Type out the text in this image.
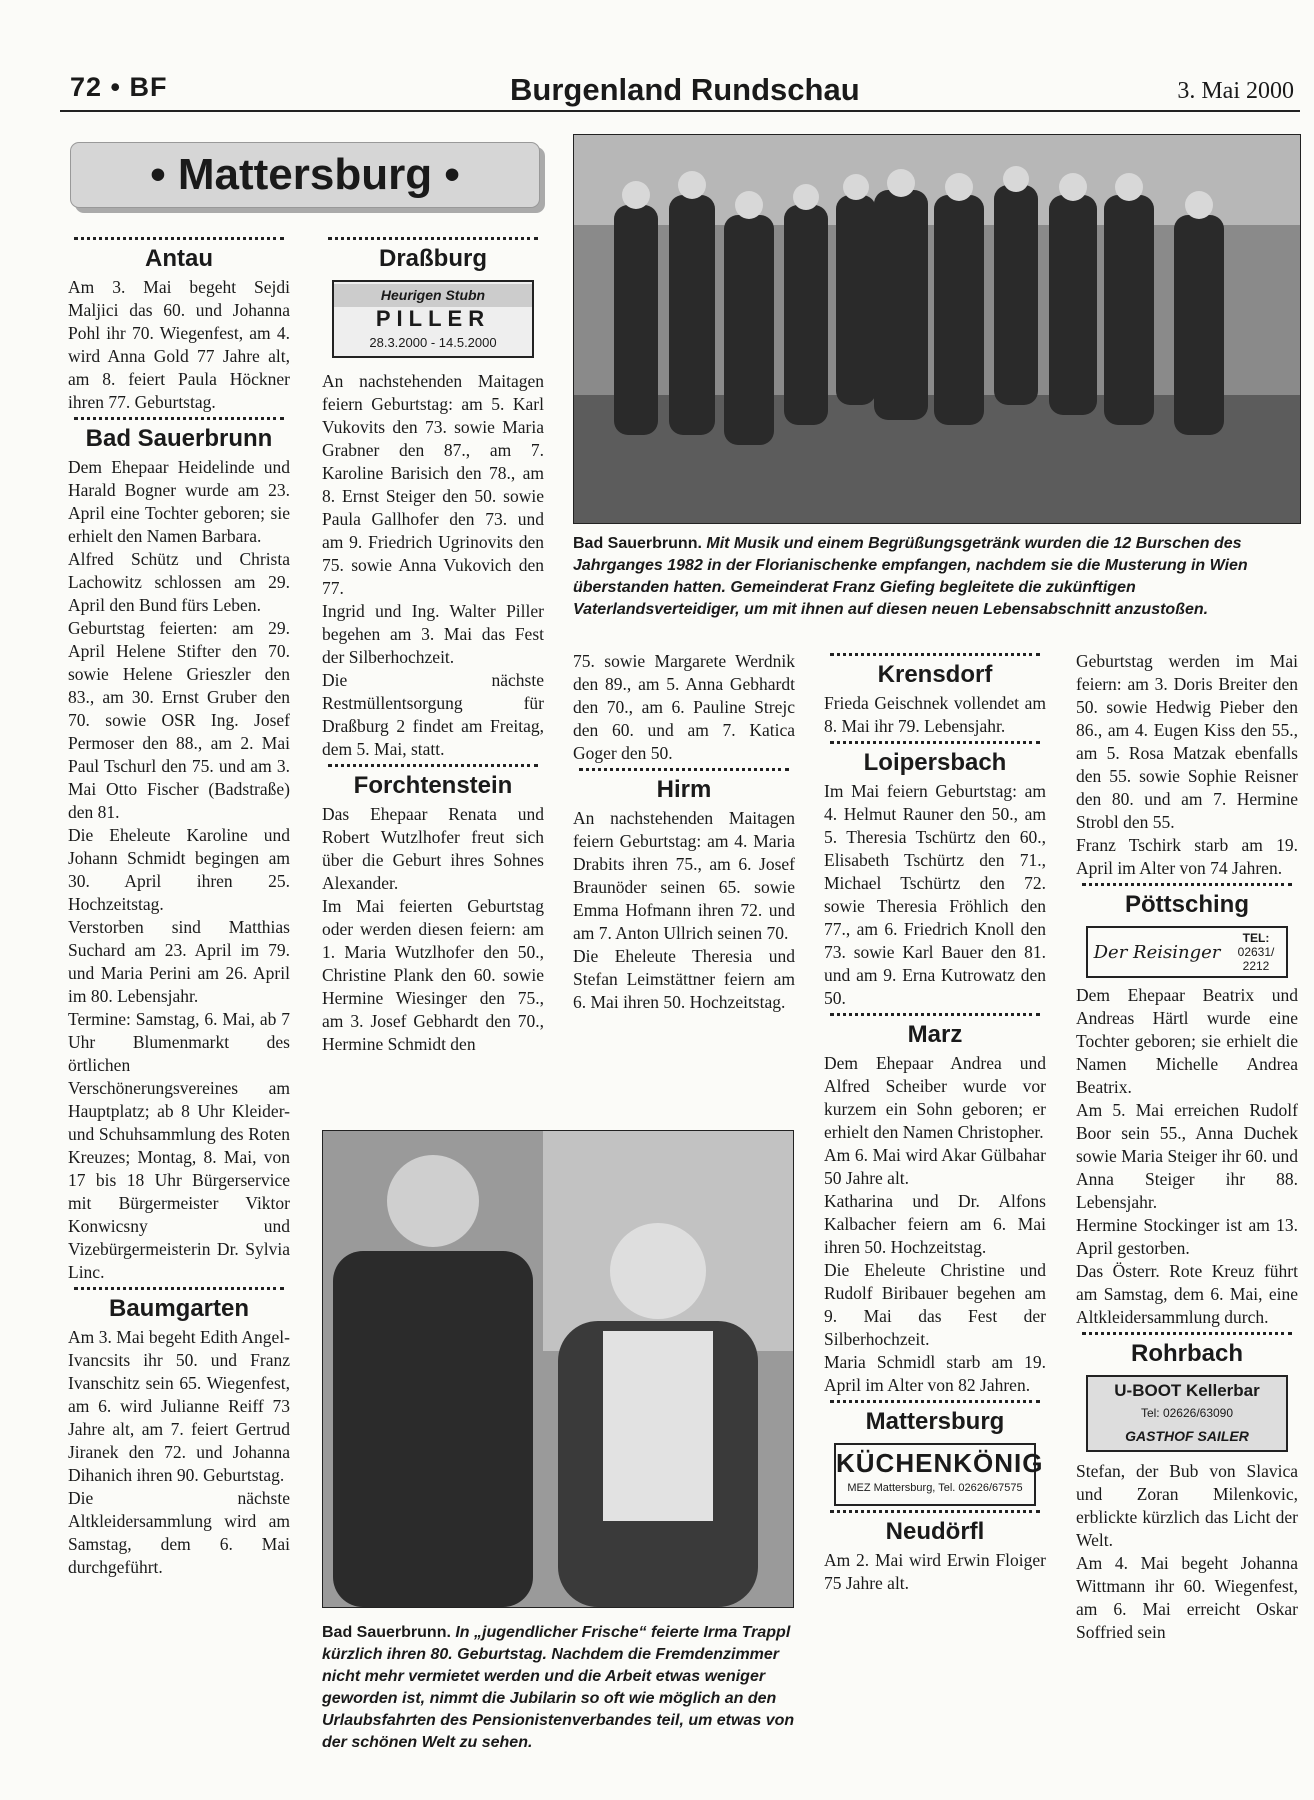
72 • BF	Burgenland Rundschau	3. Mai 2000
• Mattersburg •
Antau

Am 3. Mai begeht Sejdi Maljici das 60. und Johanna Pohl ihr 70. Wiegenfest, am 4. wird Anna Gold 77 Jahre alt, am 8. feiert Paula Höckner ihren 77. Geburtstag.

Bad Sauerbrunn

Dem Ehepaar Heidelinde und Harald Bogner wurde am 23. April eine Tochter geboren; sie erhielt den Namen Barbara.

Alfred Schütz und Christa Lachowitz schlossen am 29. April den Bund fürs Leben.

Geburtstag feierten: am 29. April Helene Stifter den 70. sowie Helene Grieszler den 83., am 30. Ernst Gruber den 70. sowie OSR Ing. Josef Permoser den 88., am 2. Mai Paul Tschurl den 75. und am 3. Mai Otto Fischer (Badstraße) den 81.

Die Eheleute Karoline und Johann Schmidt begingen am 30. April ihren 25. Hochzeitstag.

Verstorben sind Matthias Suchard am 23. April im 79. und Maria Perini am 26. April im 80. Lebensjahr.

Termine: Samstag, 6. Mai, ab 7 Uhr Blumenmarkt des örtlichen Verschönerungsvereines am Hauptplatz; ab 8 Uhr Kleider- und Schuhsammlung des Roten Kreuzes; Montag, 8. Mai, von 17 bis 18 Uhr Bürgerservice mit Bürgermeister Viktor Konwicsny und Vizebürgermeisterin Dr. Sylvia Linc.

Baumgarten

Am 3. Mai begeht Edith Angel-Ivancsits ihr 50. und Franz Ivanschitz sein 65. Wiegenfest, am 6. wird Julianne Reiff 73 Jahre alt, am 7. feiert Gertrud Jiranek den 72. und Johanna Dihanich ihren 90. Geburtstag.

Die nächste Altkleidersammlung wird am Samstag, dem 6. Mai durchgeführt.

Draßburg
Heurigen Stubn
PILLER
28.3.2000 - 14.5.2000

An nachstehenden Maitagen feiern Geburtstag: am 5. Karl Vukovits den 73. sowie Maria Grabner den 87., am 7. Karoline Barisich den 78., am 8. Ernst Steiger den 50. sowie Paula Gallhofer den 73. und am 9. Friedrich Ugrinovits den 75. sowie Anna Vukovich den 77.

Ingrid und Ing. Walter Piller begehen am 3. Mai das Fest der Silberhochzeit.

Die nächste Restmüllentsorgung für Draßburg 2 findet am Freitag, dem 5. Mai, statt.

Forchtenstein

Das Ehepaar Renata und Robert Wutzlhofer freut sich über die Geburt ihres Sohnes Alexander.

Im Mai feierten Geburtstag oder werden diesen feiern: am 1. Maria Wutzlhofer den 50., Christine Plank den 60. sowie Hermine Wiesinger den 75., am 3. Josef Gebhardt den 70., Hermine Schmidt den

Bad Sauerbrunn. Mit Musik und einem Begrüßungsgetränk wurden die 12 Burschen des Jahrganges 1982 in der Florianischenke empfangen, nachdem sie die Musterung in Wien überstanden hatten. Gemeinderat Franz Giefing begleitete die zukünftigen Vaterlandsverteidiger, um mit ihnen auf diesen neuen Lebensabschnitt anzustoßen.

75. sowie Margarete Werdnik den 89., am 5. Anna Gebhardt den 70., am 6. Pauline Strejc den 60. und am 7. Katica Goger den 50.

Hirm

An nachstehenden Maitagen feiern Geburtstag: am 4. Maria Drabits ihren 75., am 6. Josef Braunöder seinen 65. sowie Emma Hofmann ihren 72. und am 7. Anton Ullrich seinen 70.

Die Eheleute Theresia und Stefan Leimstättner feiern am 6. Mai ihren 50. Hochzeitstag.

Bad Sauerbrunn. In „jugendlicher Frische“ feierte Irma Trappl kürzlich ihren 80. Geburtstag. Nachdem die Fremdenzimmer nicht mehr vermietet werden und die Arbeit etwas weniger geworden ist, nimmt die Jubilarin so oft wie möglich an den Urlaubsfahrten des Pensionistenverbandes teil, um etwas von der schönen Welt zu sehen.
Krensdorf

Frieda Geischnek vollendet am 8. Mai ihr 79. Lebensjahr.

Loipersbach

Im Mai feiern Geburtstag: am 4. Helmut Rauner den 50., am 5. Theresia Tschürtz den 60., Elisabeth Tschürtz den 71., Michael Tschürtz den 72. sowie Theresia Fröhlich den 77., am 6. Friedrich Knoll den 73. sowie Karl Bauer den 81. und am 9. Erna Kutrowatz den 50.

Marz

Dem Ehepaar Andrea und Alfred Scheiber wurde vor kurzem ein Sohn geboren; er erhielt den Namen Christopher.

Am 6. Mai wird Akar Gülbahar 50 Jahre alt.

Katharina und Dr. Alfons Kalbacher feiern am 6. Mai ihren 50. Hochzeitstag.

Die Eheleute Christine und Rudolf Biribauer begehen am 9. Mai das Fest der Silberhochzeit.

Maria Schmidl starb am 19. April im Alter von 82 Jahren.

Mattersburg
KÜCHENKÖNIG
MEZ Mattersburg, Tel. 02626/67575
Neudörfl

Am 2. Mai wird Erwin Floiger 75 Jahre alt.

Geburtstag werden im Mai feiern: am 3. Doris Breiter den 50. sowie Hedwig Pieber den 86., am 4. Eugen Kiss den 55., am 5. Rosa Matzak ebenfalls den 55. sowie Sophie Reisner den 80. und am 7. Hermine Strobl den 55.

Franz Tschirk starb am 19. April im Alter von 74 Jahren.

Pöttsching
Der Reisinger
TEL:
02631/ 2212

Dem Ehepaar Beatrix und Andreas Härtl wurde eine Tochter geboren; sie erhielt die Namen Michelle Andrea Beatrix.

Am 5. Mai erreichen Rudolf Boor sein 55., Anna Duchek sowie Maria Steiger ihr 60. und Anna Steiger ihr 88. Lebensjahr.

Hermine Stockinger ist am 13. April gestorben.

Das Österr. Rote Kreuz führt am Samstag, dem 6. Mai, eine Altkleidersammlung durch.

Rohrbach
U-BOOT Kellerbar
Tel: 02626/63090
GASTHOF SAILER

Stefan, der Bub von Slavica und Zoran Milenkovic, erblickte kürzlich das Licht der Welt.

Am 4. Mai begeht Johanna Wittmann ihr 60. Wiegenfest, am 6. Mai erreicht Oskar Soffried sein
